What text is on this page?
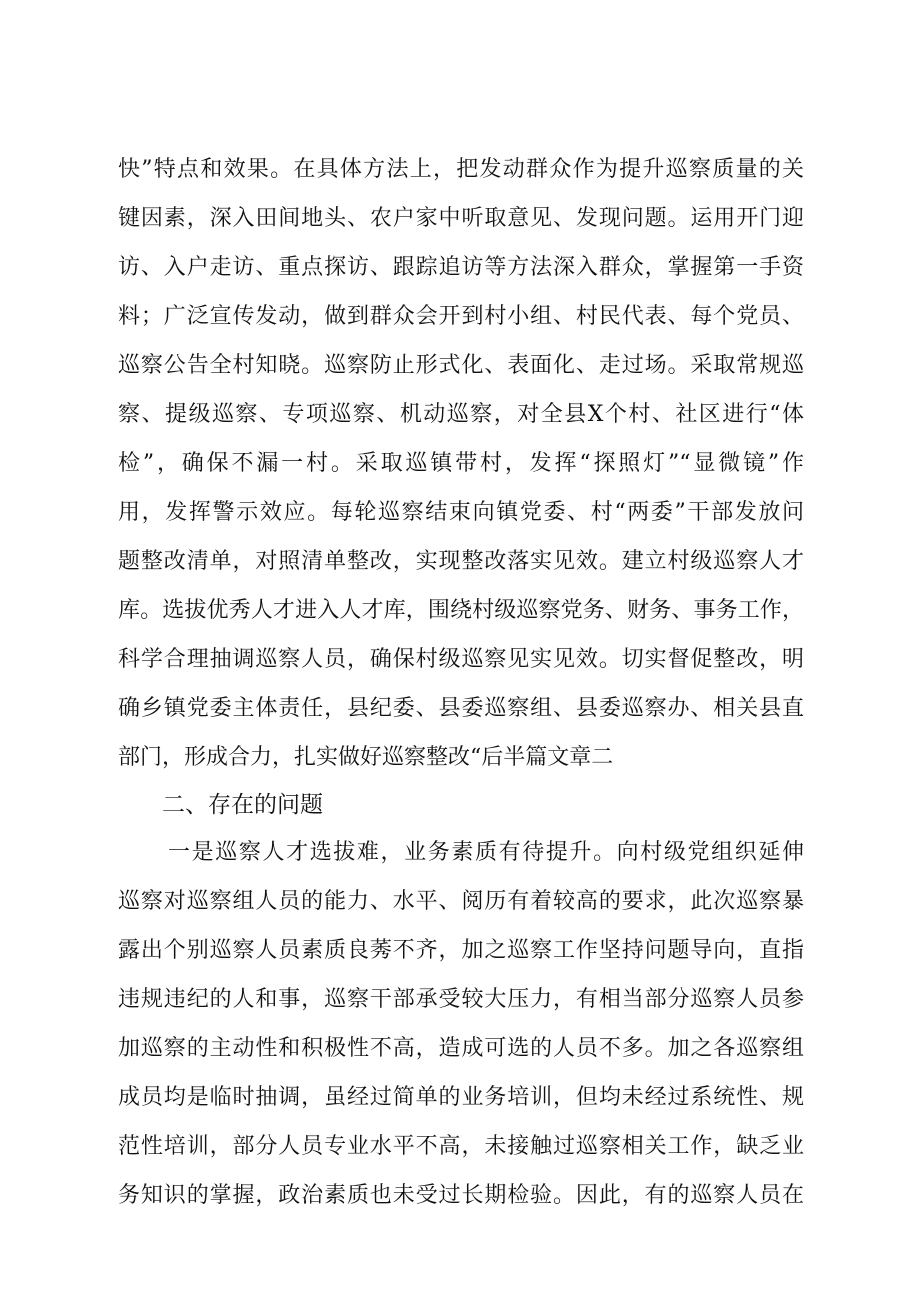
快”特点和效果。在具体方法上，把发动群众作为提升巡察质量的关
键因素，深入田间地头、农户家中听取意见、发现问题。运用开门迎
访、入户走访、重点探访、跟踪追访等方法深入群众，掌握第一手资
料；广泛宣传发动，做到群众会开到村小组、村民代表、每个党员、
巡察公告全村知晓。巡察防止形式化、表面化、走过场。采取常规巡
察、提级巡察、专项巡察、机动巡察，对全县X个村、社区进行“体
检”，确保不漏一村。采取巡镇带村，发挥“探照灯”“显微镜”作
用，发挥警示效应。每轮巡察结束向镇党委、村“两委”干部发放问
题整改清单，对照清单整改，实现整改落实见效。建立村级巡察人才
库。选拔优秀人才进入人才库，围绕村级巡察党务、财务、事务工作，
科学合理抽调巡察人员，确保村级巡察见实见效。切实督促整改，明
确乡镇党委主体责任，县纪委、县委巡察组、县委巡察办、相关县直
部门，形成合力，扎实做好巡察整改“后半篇文章二
二、存在的问题
一是巡察人才选拔难，业务素质有待提升。向村级党组织延伸
巡察对巡察组人员的能力、水平、阅历有着较高的要求，此次巡察暴
露出个别巡察人员素质良莠不齐，加之巡察工作坚持问题导向，直指
违规违纪的人和事，巡察干部承受较大压力，有相当部分巡察人员参
加巡察的主动性和积极性不高，造成可选的人员不多。加之各巡察组
成员均是临时抽调，虽经过简单的业务培训，但均未经过系统性、规
范性培训，部分人员专业水平不高，未接触过巡察相关工作，缺乏业
务知识的掌握，政治素质也未受过长期检验。因此，有的巡察人员在
